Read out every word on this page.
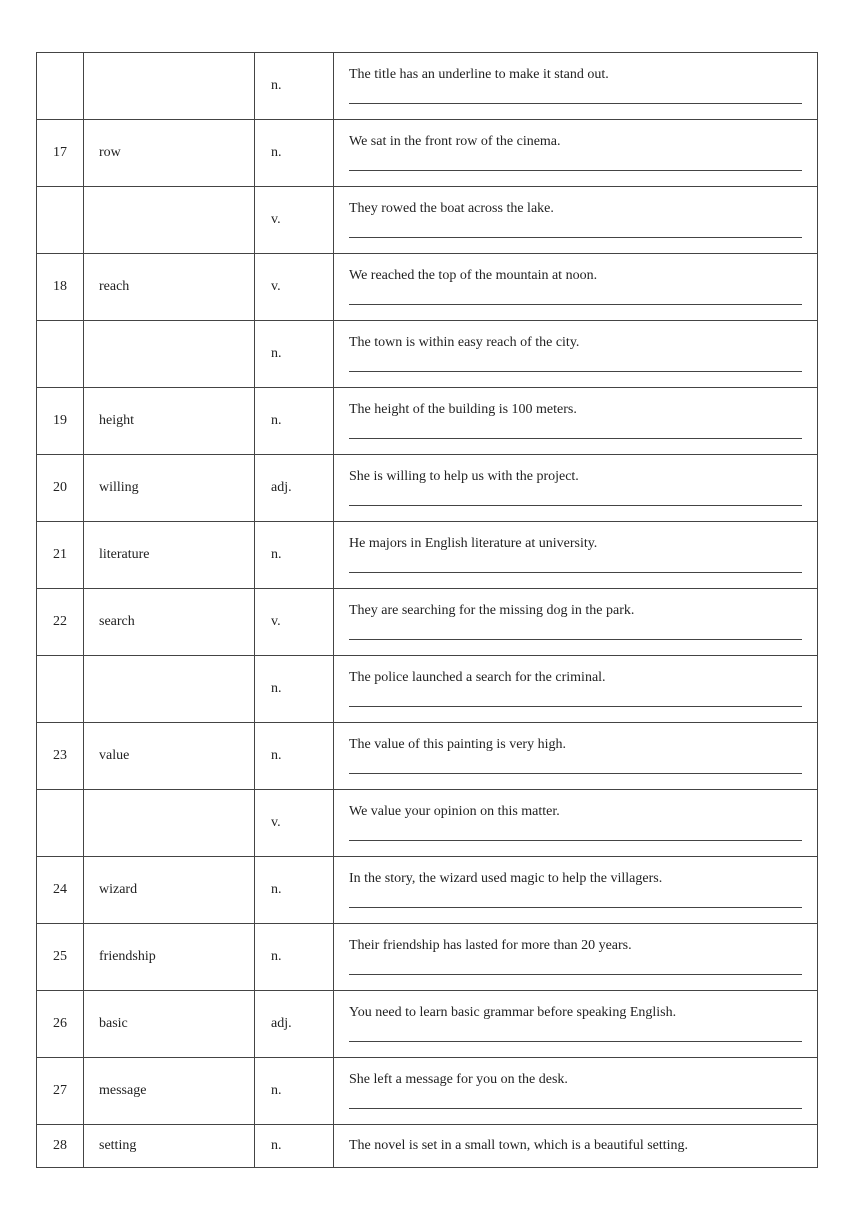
		n.	The title has an underline to make it stand out.

17	row	n.	We sat in the front row of the cinema.

		v.	They rowed the boat across the lake.

18	reach	v.	We reached the top of the mountain at noon.

		n.	The town is within easy reach of the city.

19	height	n.	The height of the building is 100 meters.

20	willing	adj.	She is willing to help us with the project.

21	literature	n.	He majors in English literature at university.

22	search	v.	They are searching for the missing dog in the park.

		n.	The police launched a search for the criminal.

23	value	n.	The value of this painting is very high.

		v.	We value your opinion on this matter.

24	wizard	n.	In the story, the wizard used magic to help the villagers.

25	friendship	n.	Their friendship has lasted for more than 20 years.

26	basic	adj.	You need to learn basic grammar before speaking English.

27	message	n.	She left a message for you on the desk.

28	setting	n.	The novel is set in a small town, which is a beautiful setting.
